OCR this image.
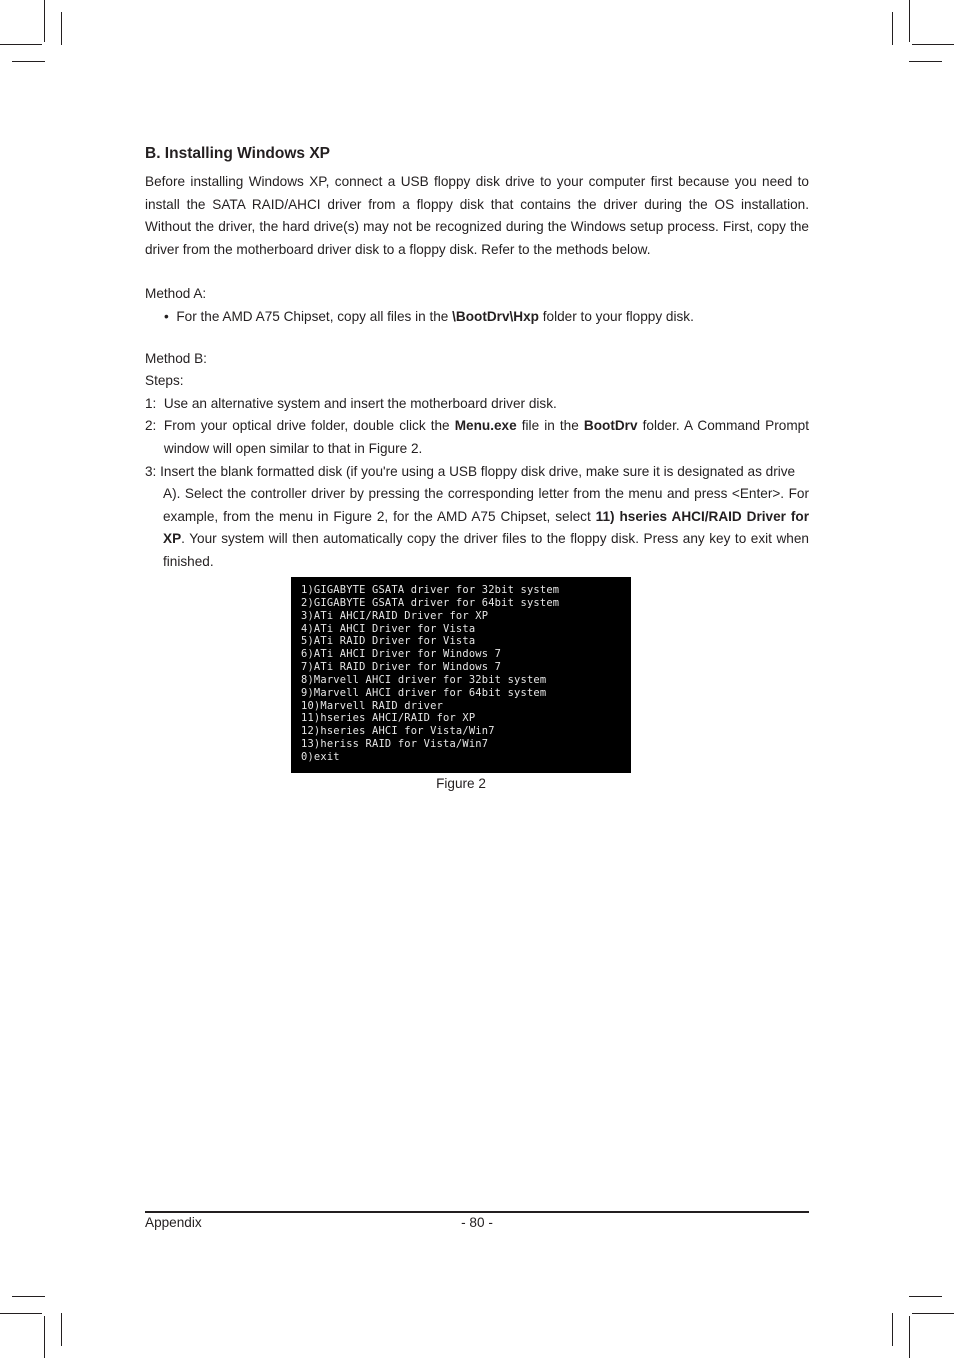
B. Installing Windows XP

Before installing Windows XP, connect a USB floppy disk drive to your computer first because you need to install the SATA RAID/AHCI driver from a floppy disk that contains the driver during the OS installation. Without the driver, the hard drive(s) may not be recognized during the Windows setup process. First, copy the driver from the motherboard driver disk to a floppy disk. Refer to the methods below.

Method A:

•  For the AMD A75 Chipset, copy all files in the \BootDrv\Hxp folder to your floppy disk.

Method B:

Steps:

1: Use an alternative system and insert the motherboard driver disk.
2: From your optical drive folder, double click the Menu.exe file in the BootDrv folder. A Command Prompt window will open similar to that in Figure 2.
3: Insert the blank formatted disk (if you're using a USB floppy disk drive, make sure it is designated as drive
A). Select the controller driver by pressing the corresponding letter from the menu and press <Enter>. For example, from the menu in Figure 2, for the AMD A75 Chipset, select 11) hseries AHCI/RAID Driver for XP. Your system will then automatically copy the driver files to the floppy disk. Press any key to exit when finished.
1)GIGABYTE GSATA driver for 32bit system
2)GIGABYTE GSATA driver for 64bit system
3)ATi AHCI/RAID Driver for XP
4)ATi AHCI Driver for Vista
5)ATi RAID Driver for Vista
6)ATi AHCI Driver for Windows 7
7)ATi RAID Driver for Windows 7
8)Marvell AHCI driver for 32bit system
9)Marvell AHCI driver for 64bit system
10)Marvell RAID driver
11)hseries AHCI/RAID for XP
12)hseries AHCI for Vista/Win7
13)heriss RAID for Vista/Win7
0)exit
Figure 2
Appendix	- 80 -
